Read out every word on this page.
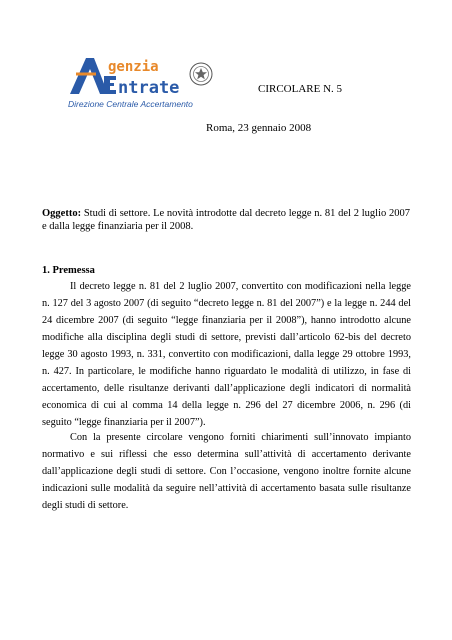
genzia
ntrate
Direzione Centrale Accertamento
CIRCOLARE N. 5
Roma, 23 gennaio 2008
Oggetto: Studi di settore. Le novità introdotte dal decreto legge n. 81 del 2 luglio 2007 e dalla legge finanziaria per il 2008.
1. Premessa

Il decreto legge n. 81 del 2 luglio 2007, convertito con modificazioni nella legge n. 127 del 3 agosto 2007 (di seguito “decreto legge n. 81 del 2007”) e la legge n. 244 del 24 dicembre 2007 (di seguito “legge finanziaria per il 2008”), hanno introdotto alcune modifiche alla disciplina degli studi di settore, previsti dall’articolo 62-bis del decreto legge 30 agosto 1993, n. 331, convertito con modificazioni, dalla legge 29 ottobre 1993, n. 427. In particolare, le modifiche hanno riguardato le modalità di utilizzo, in fase di accertamento, delle risultanze derivanti dall’applicazione degli indicatori di normalità economica di cui al comma 14 della legge n. 296 del 27 dicembre 2006, n. 296 (di seguito “legge finanziaria per il 2007”).

Con la presente circolare vengono forniti chiarimenti sull’innovato impianto normativo e sui riflessi che esso determina sull’attività di accertamento derivante dall’applicazione degli studi di settore. Con l’occasione, vengono inoltre fornite alcune indicazioni sulle modalità da seguire nell’attività di accertamento basata sulle risultanze degli studi di settore.
